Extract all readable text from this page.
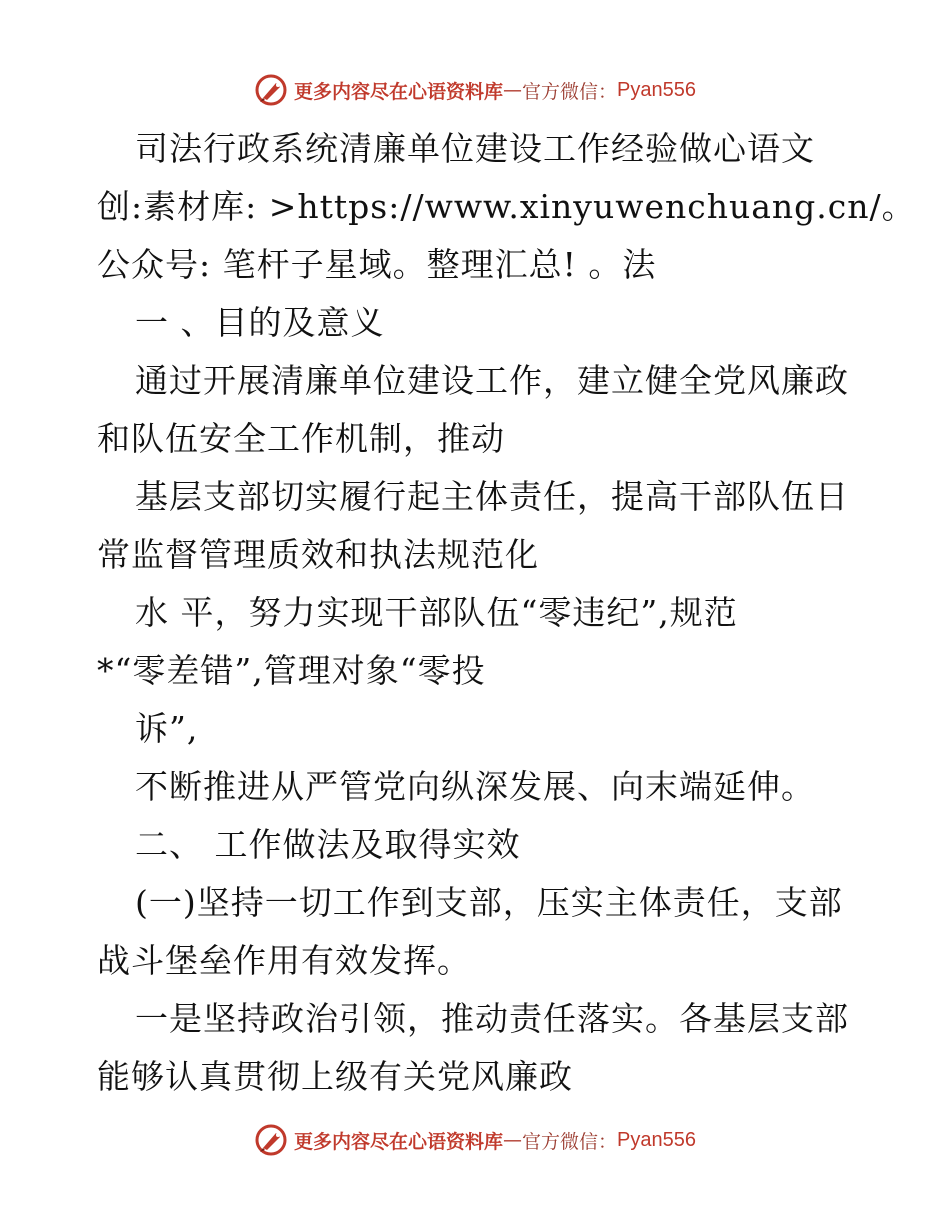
更多内容尽在心语资料库 — 官方微信： Pyan556
司法行政系统清廉单位建设工作经验做心语文
创:素材库: >https://www.xinyuwenchuang.cn/。
公众号: 笔杆子星域。整理汇总! 。法
一 、目的及意义
通过开展清廉单位建设工作，建立健全党风廉政
和队伍安全工作机制，推动
基层支部切实履行起主体责任，提高干部队伍日
常监督管理质效和执法规范化
水 平，努力实现干部队伍“零违纪”,规范
*“零差错”,管理对象“零投
诉”,
不断推进从严管党向纵深发展、向末端延伸。
二、 工作做法及取得实效
(一)坚持一切工作到支部，压实主体责任，支部
战斗堡垒作用有效发挥。
一是坚持政治引领，推动责任落实。各基层支部
能够认真贯彻上级有关党风廉政
更多内容尽在心语资料库 — 官方微信： Pyan556
